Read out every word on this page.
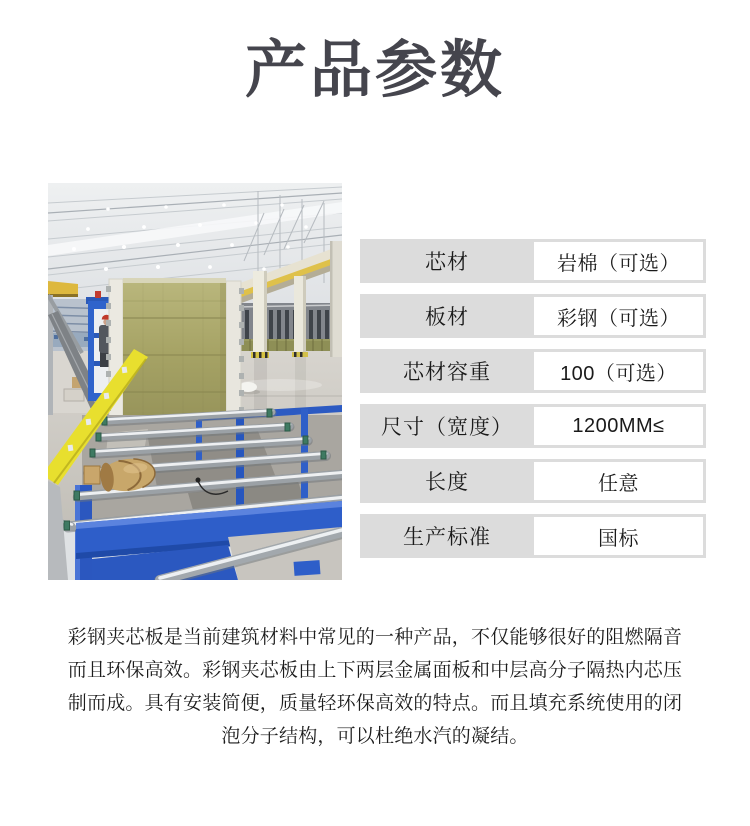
产品参数
芯材	岩棉（可选）
板材	彩钢（可选）
芯材容重	100（可选）
尺寸（宽度）	1200MM≤
长度	任意
生产标准	国标
彩钢夹芯板是当前建筑材料中常见的一种产品，不仅能够很好的阻燃隔音
而且环保高效。彩钢夹芯板由上下两层金属面板和中层高分子隔热内芯压
制而成。具有安装简便，质量轻环保高效的特点。而且填充系统使用的闭
泡分子结构，可以杜绝水汽的凝结。
